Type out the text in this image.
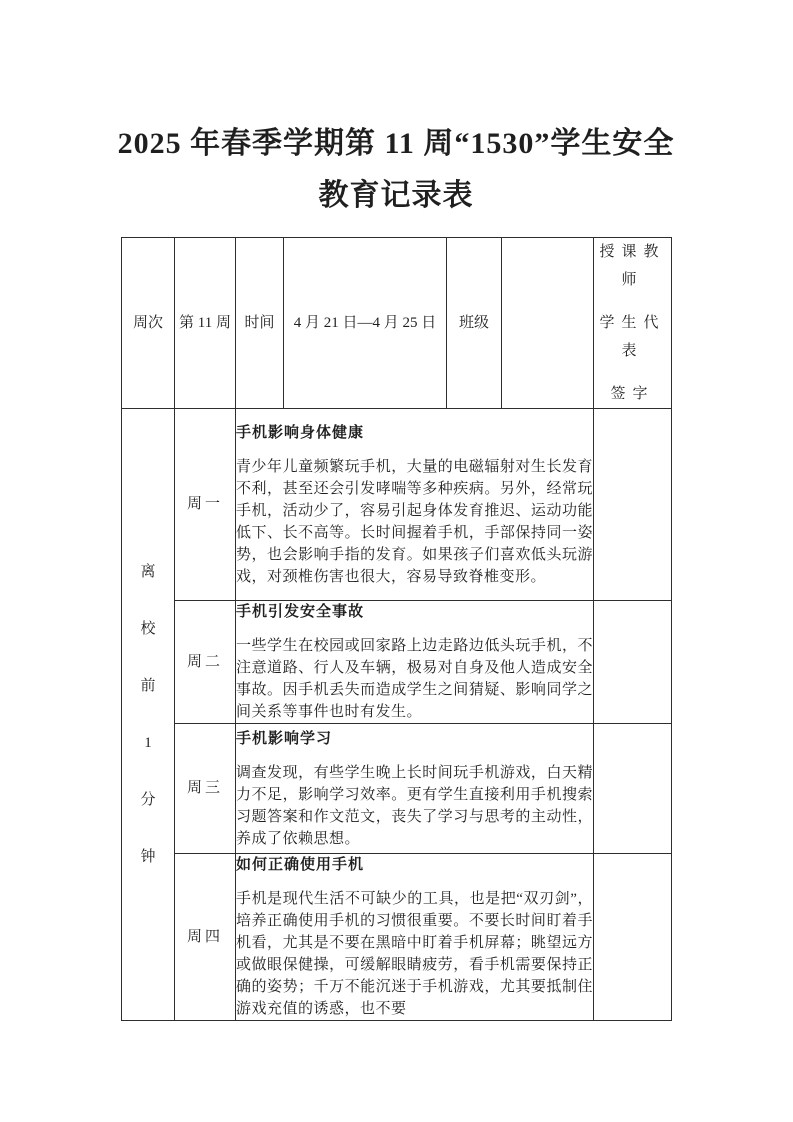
2025 年春季学期第 11 周“1530”学生安全
教育记录表
周次	第 11 周	时间	4 月 21 日—4 月 25 日	班级		授课教师
学生代表
签字

离
校
前
1
分
钟
	周一	
手机影响身体健康
青少年儿童频繁玩手机，大量的电磁辐射对生长发育不利，甚至还会引发哮喘等多种疾病。另外，经常玩手机，活动少了，容易引起身体发育推迟、运动功能低下、长不高等。长时间握着手机，手部保持同一姿势，也会影响手指的发育。如果孩子们喜欢低头玩游戏，对颈椎伤害也很大，容易导致脊椎变形。

	周二	手机引发安全事故
一些学生在校园或回家路上边走路边低头玩手机，不注意道路、行人及车辆，极易对自身及他人造成安全事故。因手机丢失而造成学生之间猜疑、影响同学之间关系等事件也时有发生。				

	周三	手机影响学习
调查发现，有些学生晚上长时间玩手机游戏，白天精力不足，影响学习效率。更有学生直接利用手机搜索习题答案和作文范文，丧失了学习与思考的主动性，养成了依赖思想。				

	周四	如何正确使用手机
手机是现代生活不可缺少的工具，也是把“双刃剑”，培养正确使用手机的习惯很重要。不要长时间盯着手机看，尤其是不要在黑暗中盯着手机屏幕；眺望远方或做眼保健操，可缓解眼睛疲劳，看手机需要保持正确的姿势；千万不能沉迷于手机游戏，尤其要抵制住游戏充值的诱惑，也不要				
